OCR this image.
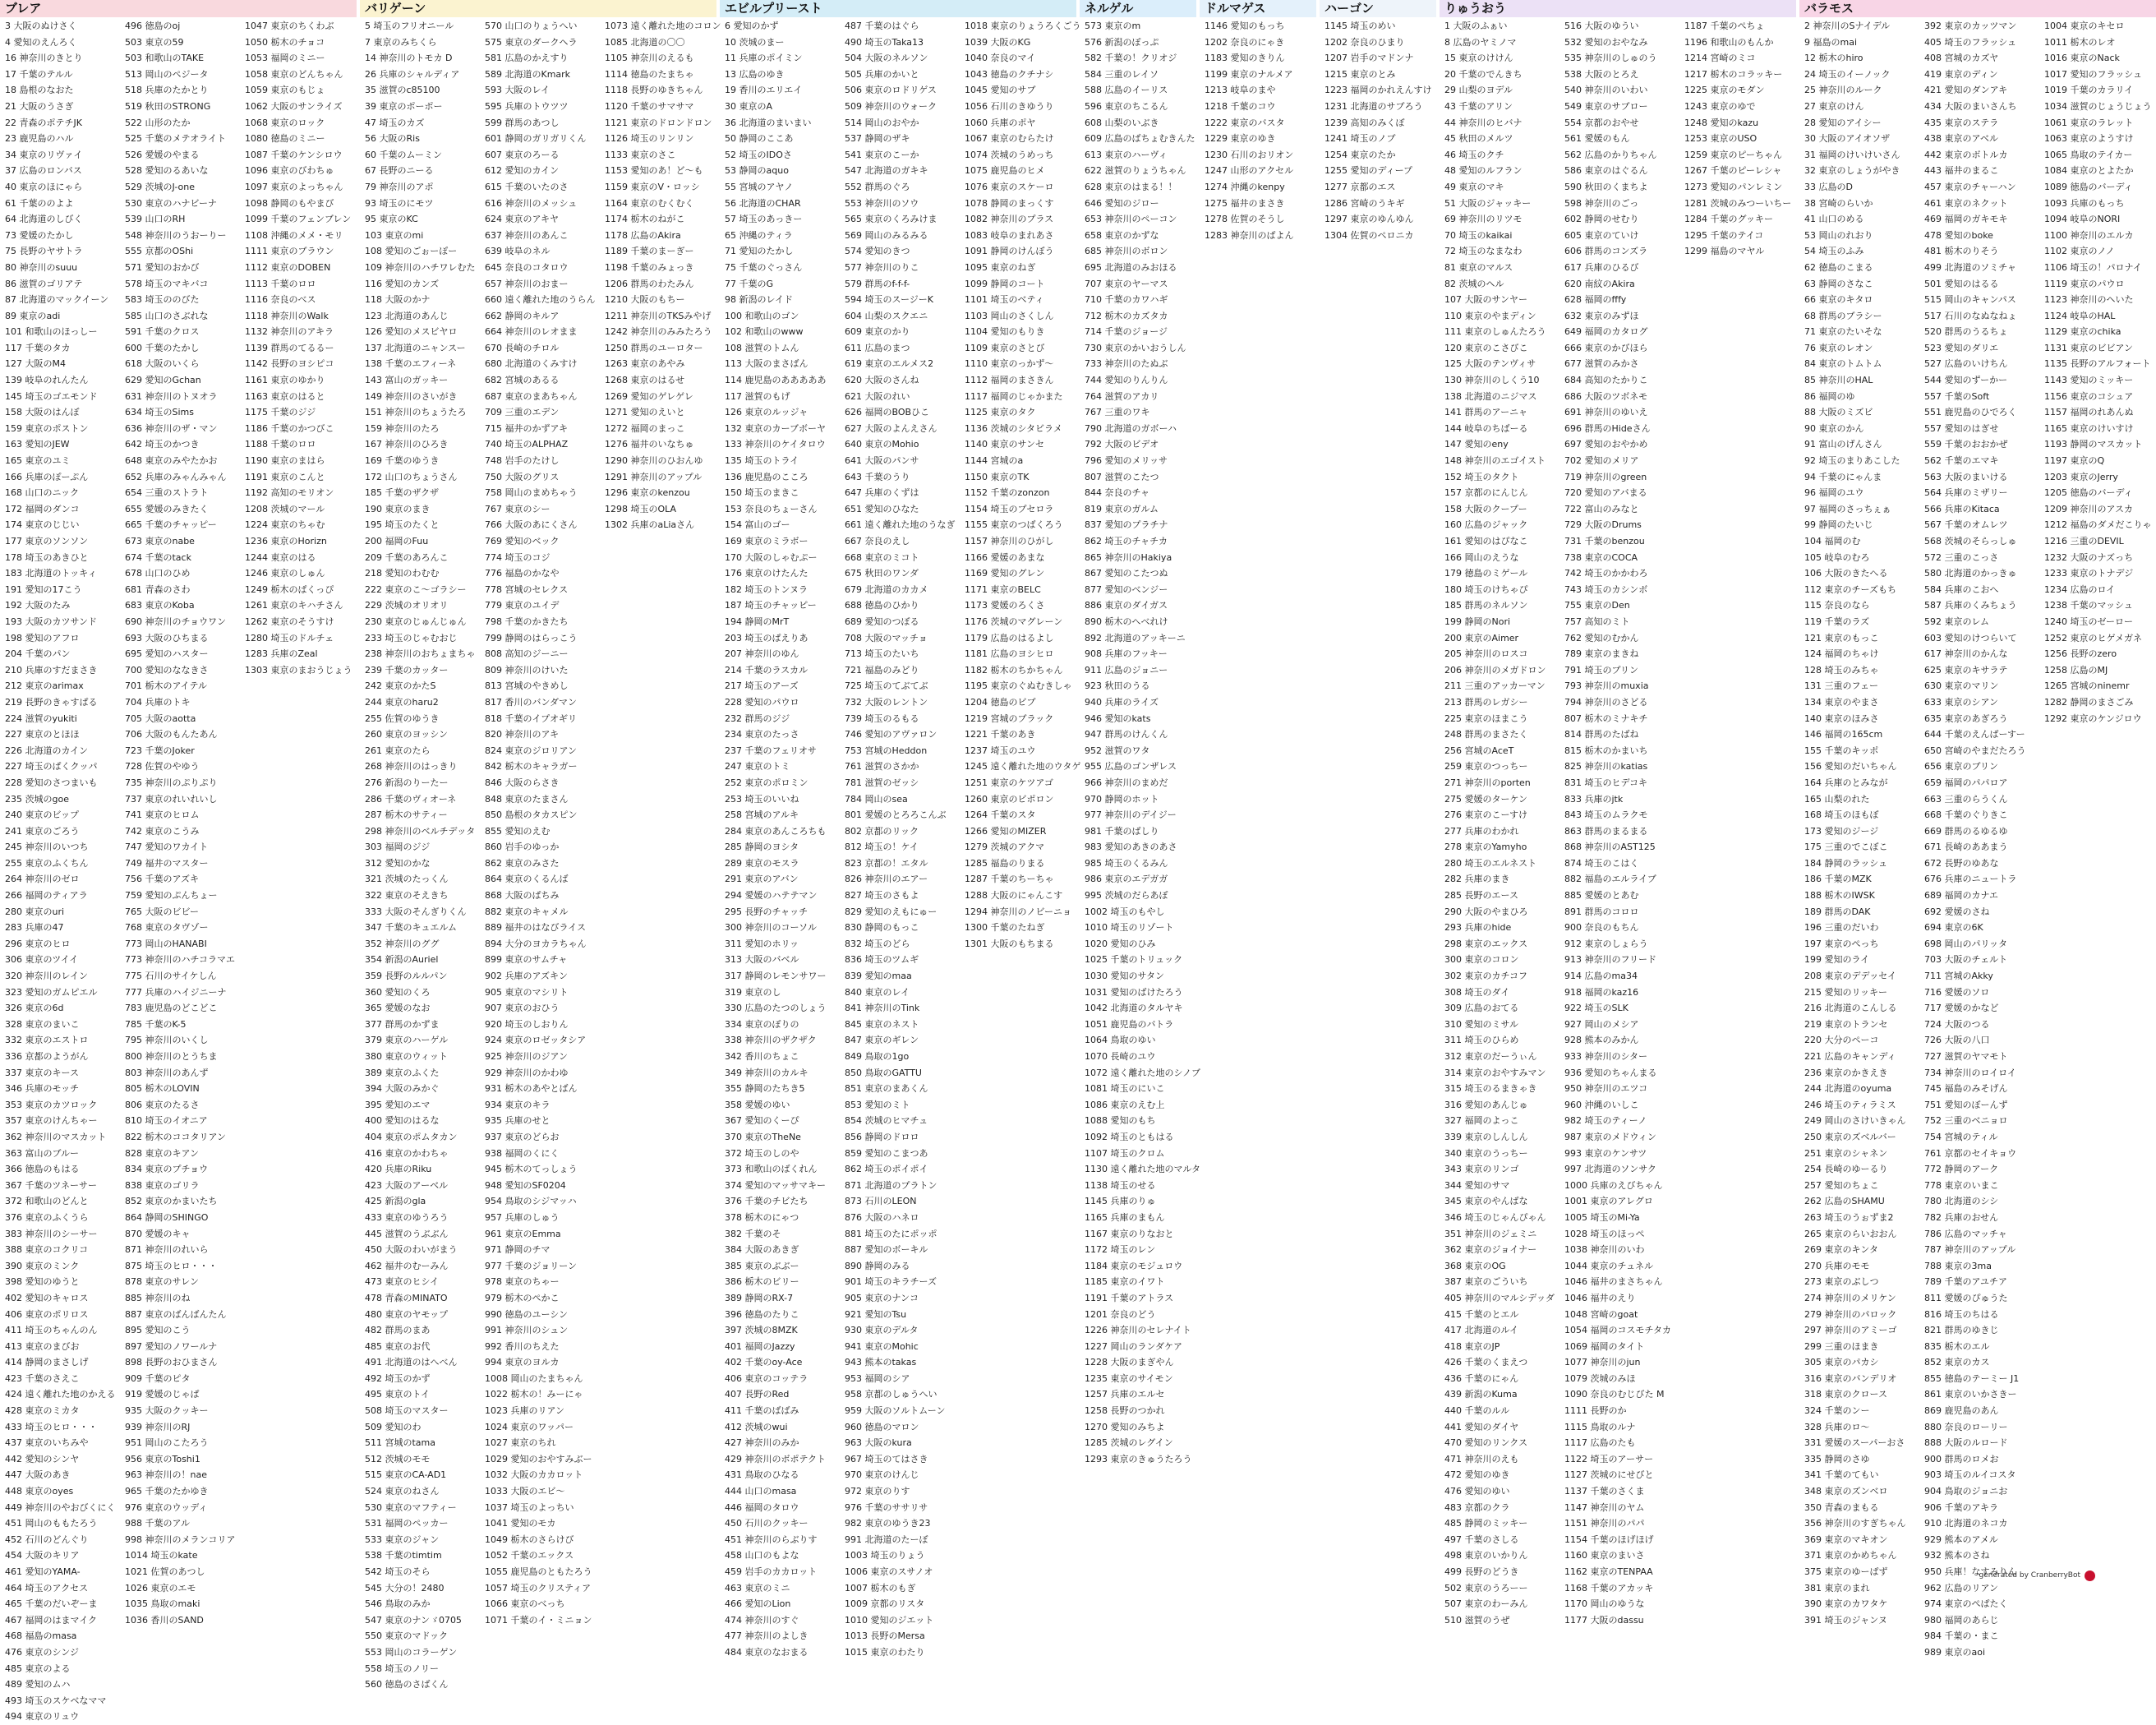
ブレア
3 大阪のぬけさく
4 愛知のえんろく
16 神奈川のきとり
17 千葉のテルル
18 島根のなおた
21 大阪のうさぎ
22 青森のポテチJK
23 鹿児島のハル
34 東京のリヴァイ
37 広島のロンバス
40 東京のほにゃら
61 千葉ののよよ
64 北海道のしびく
73 愛媛のたかし
75 長野のヤサトラ
80 神奈川のsuuu
86 滋賀のゴリアテ
87 北海道のマックイーン
89 東京のadi
101 和歌山のほっしー
117 千葉のタカ
127 大阪のM4
139 岐阜のれんたん
145 埼玉のゴエモンド
158 大阪のはんぼ
159 東京のポストン
163 愛知のJEW
165 東京のユミ
166 兵庫のぽーぷん
168 山口のニック
172 福岡のダンコ
174 東京のじじい
177 東京のソンソン
178 埼玉のあきひと
183 北海道のトッキィ
191 愛知の17こう
192 大阪のたみ
193 大阪のカツサンド
198 愛知のアフロ
204 千葉のパン
210 兵庫のすだまさき
212 東京のarimax
219 長野のきゃすぱる
224 滋賀のyukiti
227 東京のとほほ
226 北海道のカイン
227 埼玉のぱくクッパ
228 愛知のさつまいも
235 茨城のgoe
240 東京のビップ
241 東京のごろう
245 神奈川のいつち
255 東京のふくちん
264 神奈川のゼロ
266 福岡のティアラ
280 東京のuri
283 兵庫の47
296 東京のヒロ
306 東京のツイイ
320 神奈川のレイン
323 愛知のガムピエル
326 東京の6d
328 東京のまいこ
332 東京のエストロ
336 京都のようがん
337 東京のキース
346 兵庫のモッチ
353 東京のカツロック
357 東京のけんちゃー
362 神奈川のマスカット
363 富山のブルー
366 徳島のもはる
367 千葉のツネーサー
372 和歌山のどんと
376 東京のふくうら
383 神奈川のシーサー
388 東京のコクリコ
390 東京のミンク
398 愛知のゆうと
402 愛知のキャロス
406 東京のポリロス
411 埼玉のちゃんのん
413 東京のまびお
414 静岡のまさしげ
423 千葉のさえこ
424 遠く離れた地のかえる
428 東京のミカタ
433 埼玉のヒロ・・・
437 東京のいちみや
442 愛知のシンヤ
447 大阪のあき
448 東京のoyes
449 神奈川のやおびくにく
451 岡山のももたろう
452 石川のどんぐり
454 大阪のキリア
461 愛知のYAMA-
464 埼玉のアクセス
465 千葉のだいぞーま
467 福岡のはまマイク
468 福島のmasa
476 東京のシンジ
485 東京のよる
489 愛知のムハ
493 埼玉のスケベなママ
494 東京のリュウ
496 徳島のoj
503 東京の59
503 和歌山のTAKE
513 岡山のペジータ
518 兵庫のたかとり
519 秋田のSTRONG
522 山形のたか
525 千葉のメテオライト
526 愛媛のやまる
528 愛知のるあいな
529 茨城のJ-one
530 東京のハナビーナ
539 山口のRH
548 神奈川のうおーりー
555 京都のOShi
571 愛知のおかび
578 埼玉のマキバコ
583 埼玉ののびた
585 山口のさぶれな
591 千葉のクロス
600 千葉のたかし
618 大阪のいくら
629 愛知のGchan
631 神奈川のトヌオラ
634 埼玉のSims
636 神奈川のザ・マン
642 埼玉のかつき
648 東京のみやたかお
652 兵庫のみゃんみゃん
654 三重のストラト
655 愛媛のみきたく
665 千葉のチャッピー
673 東京のnabe
674 千葉のtack
678 山口のひめ
681 青森のさわ
683 東京のKoba
690 神奈川のチョウワン
693 大阪のひちまる
695 愛知のハスター
700 愛知のななきさ
701 栃木のアイテル
704 兵庫のトキ
705 大阪のaotta
706 大阪のもんたあん
723 千葉のJoker
728 佐賀のやゆう
735 神奈川のぷりぷり
737 東京のれいれいし
741 東京のヒロム
742 東京のこうみ
747 愛知のワカイト
749 福井のマスター
756 千葉のアズキ
759 愛知のぷんちょー
765 大阪のビビー
768 東京のタヴゾー
773 岡山のHANABI
773 神奈川のハチコラマエ
775 石川のサイケしん
777 兵庫のハイジニーナ
783 鹿児島のどこどこ
785 千葉のK-5
795 神奈川のいくし
800 神奈川のとうちま
803 神奈川のあんず
805 栃木のLOVIN
806 東京のたるさ
810 埼玉のイオニア
822 栃木のココタリアン
828 東京のキアン
834 東京のプチョウ
838 東京のゴリラ
852 東京のかまいたち
864 静岡のSHINGO
870 愛媛のキャ
871 神奈川のれいら
875 埼玉のヒロ・・・
878 東京のサレン
885 神奈川のね
887 東京のばんばんたん
895 愛知のこう
897 愛知のノワールナ
898 長野のおひまさん
909 千葉のピタ
919 愛媛のじゃぱ
935 大阪のクッキー
939 神奈川のRJ
951 岡山のこたろう
956 東京のToshi1
963 神奈川の！nae
965 千葉のたかゆき
976 東京のウッディ
988 千葉のアル
998 神奈川のメランコリア
1014 埼玉のkate
1021 佐賀のあつし
1026 東京のエモ
1035 鳥取のmaki
1036 香川のSAND
1047 東京のちくわぶ
1050 栃木のチョコ
1053 福岡のミニー
1058 東京のどんちゃん
1059 東京のもじょ
1062 大阪のサンライズ
1068 東京のロック
1080 徳島のミニー
1087 千葉のケンシロウ
1096 東京のびわちゅ
1097 東京のよっちゃん
1098 静岡のもやまび
1099 千葉のフェンブレン
1108 沖縄のメメ・モリ
1111 東京のブラウン
1112 東京のDOBEN
1113 千葉のロロ
1116 奈良のべス
1118 神奈川のWalk
1132 神奈川のアキラ
1139 群馬のてるるー
1142 長野のヨシピコ
1161 東京のゆかり
1163 東京のはると
1175 千葉のジジ
1186 千葉のかつびこ
1188 千葉のロロ
1190 東京のまはら
1191 東京のこんと
1192 高知のモリオン
1208 茨城のマール
1224 東京のちゃむ
1236 東京のHorizn
1244 東京のはる
1246 東京のしゅん
1249 栃木のぱくっぴ
1261 東京のキハチさん
1262 東京のそうすけ
1280 埼玉のドルチェ
1283 兵庫のZeal
1303 東京のまおうじょう
バリゲーン
5 埼玉のフリオニール
7 東京のみちくら
14 神奈川のトモカ D
26 兵庫のシャルディア
35 滋賀のc85100
39 東京のポーポー
47 埼玉のカズ
56 大阪のRis
60 千葉のムーミン
67 長野のニーる
79 神奈川のアポ
93 埼玉のにモツ
95 東京のKC
103 東京のmi
108 愛知のごぉーぽー
109 神奈川のハチワレむた
116 愛知のカンズ
118 大阪のかナ
123 北海道のあんじ
126 愛知のメスビヤロ
137 北海道のニャンスー
138 千葉のエフィーネ
143 富山のガッキー
149 神奈川のさいがき
151 神奈川のちょうたろ
159 神奈川のたろ
167 神奈川のひろき
169 千葉のゆうき
172 山口のちょうさん
185 千葉のザクザ
190 東京のまき
195 埼玉のたくと
200 福岡のFuu
209 千葉のあろんこ
218 愛知のわむむ
222 東京のこ～ゴラシー
229 茨城のオリオリ
230 東京のじゅんじゅん
233 埼玉のじゃむおじ
238 神奈川のおちょまちゃ
239 千葉のカッター
242 東京のかたS
244 東京のharu2
255 佐賀のゆうき
260 東京のヨッシン
261 東京のたら
268 神奈川のはっきり
276 新潟のりーたー
286 千葉のヴィオーネ
287 栃木のサティー
298 神奈川のベルチデッタ
303 福岡のジジ
312 愛知のかな
321 茨城のたっくん
322 東京のそえきち
333 大阪のそんぎりくん
347 千葉のキュエルム
352 神奈川のググ
354 新潟のAuriel
359 長野のルルパン
360 愛知のくろ
365 愛媛のなお
377 群馬のかずま
379 東京のハーゲル
380 東京のウィット
389 東京のふくた
394 大阪のみかぐ
395 愛知のエマ
400 愛知のはるな
404 東京のポムタカン
416 東京のかわちゃ
420 兵庫のRiku
423 大阪のアーベル
425 新潟のgla
433 東京のゆうろう
445 滋賀のうぶぶん
450 大阪のわいがまう
462 福井のむーみん
473 東京のヒシイ
478 青森のMINATO
480 東京のヤモップ
482 群馬のまあ
485 東京のお代
491 北海道のはへべん
492 埼玉のかず
495 東京のトイ
508 埼玉のマスター
509 愛知のわ
511 宮城のtama
512 茨城のモモ
515 東京のCA-AD1
524 東京のねさん
530 東京のマフティー
531 福岡のペッカー
533 東京のジャン
538 千葉のtimtim
542 埼玉のそら
545 大分の！2480
546 鳥取のみか
547 東京のナンゞ0705
550 東京のマドック
553 岡山のコラーゲン
558 埼玉のノリー
560 徳島のさばくん
570 山口のりょうへい
575 東京のダークヘラ
581 広島のかえすり
589 北海道のKmark
593 大阪のレイ
595 兵庫のトウツツ
599 群馬のあつし
601 静岡のガリガリくん
607 東京のろーる
612 愛知のカイン
615 千葉のいたのさ
616 神奈川のメッシュ
624 東京のアキヤ
637 神奈川のあんこ
639 岐阜のネル
645 奈良のコタロウ
657 神奈川のおまー
660 遠く離れた地のうらん
662 静岡のキルア
664 神奈川のレオまま
670 長崎のチロル
680 北海道のくみすけ
682 宮城のあるる
687 東京のまあちゃん
709 三重のエデン
715 福井のかずアキ
740 埼玉のALPHAZ
748 岩手のたけし
750 大阪のグリス
758 岡山のまめちゃう
767 東京のシー
766 大阪のあにくさん
769 愛知のベック
774 埼玉のコジ
776 福島のかなや
778 宮城のセレクス
779 東京のユイデ
798 千葉のかきたち
799 静岡のはらっこう
808 高知のジーニー
809 神奈川のけいた
813 宮城のやきめし
817 香川のバンダマン
818 千葉のイプオギリ
820 神奈川のアキ
824 東京のジロリアン
842 栃木のキャラガー
846 大阪のらさき
848 東京のたまさん
850 島根のタカスピン
855 愛知のえむ
860 岩手のゆっか
862 東京のみさた
864 東京のくるんば
868 大阪のぱちみ
882 東京のキャメル
889 福井のはなびライス
894 大分のヨカラちゃん
899 東京のサムチャ
902 兵庫のアズキン
905 東京のマシリト
907 東京のおひう
920 埼玉のしおりん
924 東京のロゼッタシア
925 神奈川のジアン
929 神奈川のかわゆ
931 栃木のあやとばん
934 東京のキラ
935 兵庫のせと
937 東京のどらお
938 福岡のくにく
945 栃木のてっしょう
948 愛知のSF0204
954 鳥取のシジマッハ
957 兵庫のしゅう
961 東京のEmma
971 静岡のチマ
977 千葉のジョリーン
978 東京のちゃー
979 栃木のぺかこ
990 徳島のユーシン
991 神奈川のシュン
992 香川のちえた
994 東京のヨルカ
1008 岡山のたまちゃん
1022 栃木の！みーにゃ
1023 兵庫のリアン
1024 東京のワッパー
1027 東京のちれ
1029 愛知のおやすみぶー
1032 大阪のカカロット
1033 大阪のエビ～
1037 埼玉のよっちい
1041 愛知のモカ
1049 栃木のさらけび
1052 千葉のエックス
1055 鹿児島のともたろう
1057 埼玉のクリスティア
1066 東京のべっち
1071 千葉のイ・ミニョン
1073 遠く離れた地のコロン
1085 北海道の〇〇
1105 神奈川のえるも
1114 徳島のたまちゃ
1118 長野のゆきちゃん
1120 千葉のサマサマ
1121 東京のドロンドロン
1126 埼玉のリンリン
1133 東京のさこ
1153 愛知のあ！ど～も
1159 東京のV・ロッシ
1164 東京のむくむく
1174 栃木のねがこ
1178 広島のAkira
1189 千葉のまーぎー
1198 千葉のみょっき
1206 群馬のわたみん
1210 大阪のもちー
1211 神奈川のTKSみやげ
1242 神奈川のみみたろう
1250 群馬のユーロター
1263 東京のあやみ
1268 東京のはるせ
1269 愛知のゲレゲレ
1271 愛知のえいと
1272 福岡のまっこ
1276 福井のいなちゅ
1290 神奈川のひおんゆ
1291 神奈川のアップル
1296 東京のkenzou
1298 埼玉のOLA
1302 兵庫のaLiaさん
エビルプリースト
6 愛知のかず
10 茨城のまー
11 兵庫のポイミン
13 広島のゆき
19 香川のエリエイ
30 東京のA
36 北海道のまいまい
50 静岡のここあ
52 埼玉のIDOさ
53 静岡のaquo
55 宮城のアヤノ
56 北海道のCHAR
57 埼玉のあっきー
65 沖縄のティラ
71 愛知のたかし
75 千葉のぐっさん
77 千葉のG
98 新潟のレイド
100 和歌山のゴン
102 和歌山のwww
108 滋賀のトムん
113 大阪のまさばん
114 鹿児島のあああああ
117 滋賀のもげ
126 東京のルッジャ
132 東京のカーブボーヤ
133 神奈川のケイタロウ
135 埼玉のトライ
136 鹿児島のこころ
150 埼玉のまきこ
153 奈良のちょーさん
154 富山のゴー
169 東京のミラボー
170 大阪のしゃむぷー
176 東京のけたんた
182 埼玉のトンヌラ
187 埼玉のチャッピー
194 静岡のMrT
203 埼玉のぱえりあ
207 神奈川のゆん
214 千葉のラスカル
217 埼玉のアーズ
228 愛知のパウロ
232 群馬のジジ
234 東京のたっさ
237 千葉のフェリオサ
247 東京のトミ
252 東京のポロミン
253 埼玉のいいね
258 宮城のアルキ
284 東京のあんころちも
285 静岡のヨシタ
289 東京のモスラ
291 東京のアバン
294 愛媛のハテテマン
295 長野のチャッチ
300 神奈川のコーソル
311 愛知のホリッ
313 大阪のバベル
317 静岡のレモンサワー
319 東京のし
330 広島のたつのしょう
334 東京のぼりの
338 神奈川のザクザク
342 香川のちょこ
349 神奈川のカルキ
355 静岡のたちき5
358 愛媛のゆい
367 愛知のくーぴ
370 東京のTheNe
372 埼玉のしのや
373 和歌山のばくれん
374 愛知のマッサマキー
376 千葉のチビたち
378 栃木のにゃつ
382 千葉のそ
384 大阪のあきぎ
385 東京のぶぶー
386 栃木のビリー
389 静岡のRX-7
396 徳島のたりこ
397 茨城の8MZK
401 福岡のJazzy
402 千葉のoy-Ace
406 東京のコッテラ
407 長野のRed
411 千葉のばばみ
412 茨城のwui
427 神奈川のみか
429 神奈川のボポテクト
431 鳥取のひなる
444 山口のmasa
446 福岡のタロウ
450 石川のクッキー
451 神奈川のらぶりす
458 山口のもよな
459 岩手のカカロット
463 東京のミニ
466 愛知のLion
474 神奈川のすぐ
477 神奈川のよしき
484 東京のなおまる
487 千葉のはぐら
490 埼玉のTaka13
504 大阪のネルソン
505 兵庫のかいと
506 東京のロドリゲス
509 神奈川のウォーク
514 岡山のおやか
537 静岡のザキ
541 東京のこーか
547 北海道のガキキ
552 群馬のぐろ
553 神奈川のソウ
565 東京のくろみけま
569 岡山のみるみる
574 愛知のきつ
577 神奈川のりこ
579 群馬のf-f-f-
594 埼玉のスージーK
604 山梨のスクエニ
609 東京のかり
611 広島のまつ
619 東京のエルメス2
620 大阪のさんね
621 大阪のれい
626 福岡のBOBひこ
627 大阪のよんえさん
640 東京のMohio
641 大阪のパンサ
643 千葉のうり
647 兵庫のくずは
651 愛知のひなた
661 遠く離れた地のうなぎ
667 奈良のえし
668 東京のミコト
675 秋田のワンダ
679 北海道のカカメ
688 徳島のひかり
689 愛知のつぼる
708 大阪のマッチョ
713 埼玉のたいち
721 福島のみどり
725 埼玉のてぶてぶ
732 大阪のレントン
739 埼玉のるもる
746 愛知のアヴァロン
753 宮城のHeddon
761 滋賀のさかか
781 滋賀のゼッシ
784 岡山のsea
801 愛媛のとろろこんぶ
802 京都のリック
812 埼玉の！ケイ
823 京都の！エタル
826 神奈川のエアー
827 埼玉のさもよ
829 愛知のえもにゅー
830 静岡のもっこ
832 埼玉のどら
836 埼玉のツムギ
839 愛知のmaa
840 東京のレイ
841 神奈川のTink
845 東京のネスト
847 東京のギレン
849 鳥取の1go
850 鳥取のGATTU
851 東京のまあくん
853 愛知のミト
854 茨城のヒマチュ
856 静岡のドロロ
859 愛知のこまつあ
862 埼玉のポイポイ
871 北海道のプラトン
873 石川のLEON
876 大阪のハネロ
881 埼玉のたにポッポ
887 愛知のボーキル
890 静岡のみる
901 埼玉のキラチーズ
905 東京のナンコ
921 愛知のTsu
930 東京のデルタ
941 東京のMohic
943 熊本のtakas
953 福岡のシア
958 京都のしゅうへい
959 大阪のソルトムーン
960 徳島のマロン
963 大阪のkura
967 埼玉のてはさき
970 東京のけんじ
972 東京のりす
976 千葉のササリサ
982 東京のゆうき23
991 北海道のたーぼ
1003 埼玉のりょう
1006 東京のスサノオ
1007 栃木のもぎ
1009 京都のリスタ
1010 愛知のジエット
1013 長野のMersa
1015 東京のわたり
1018 東京のりょうろくごう
1039 大阪のKG
1040 奈良のマイ
1043 徳島のクチナシ
1045 愛知のサブ
1056 石川のきゆうり
1060 兵庫のポヤ
1067 東京のむらたけ
1074 茨城のうめっち
1075 鹿児島のヒメ
1076 東京のスケーロ
1078 静岡のまっくす
1082 神奈川のプラス
1083 岐阜のまれあさ
1091 静岡のけんぼう
1095 東京のねぎ
1099 静岡のコート
1101 埼玉のベティ
1103 岡山のさくしん
1104 愛知のもりき
1109 東京のさとび
1110 東京のっかず～
1112 福岡のまさきん
1117 福岡のじゃかまた
1125 東京のタク
1136 茨城のシタビラメ
1140 東京のサンセ
1144 宮城のa
1150 東京のTK
1152 千葉のzonzon
1154 埼玉のプセロラ
1155 東京のつばくろう
1157 神奈川のひがし
1166 愛媛のあまな
1169 愛知のグレン
1171 東京のBELC
1173 愛媛のろくさ
1176 茨城のマグレーン
1179 広島のはるよし
1181 広島のヨシヒロ
1182 栃木のちかちゃん
1195 東京のぐぬむきしゃ
1204 徳島のビプ
1219 宮城のブラック
1221 千葉のあき
1237 埼玉のユウ
1245 遠く離れた地のウタゲ
1251 東京のケツアゴ
1260 東京のビポロン
1264 千葉のスタ
1266 愛知のMIZER
1279 茨城のアクマ
1285 福島のりまる
1287 千葉のちーちゃ
1288 大阪のにゃんこす
1294 神奈川のノビーニョ
1300 千葉のたねぎ
1301 大阪のもちまる
ネルゲル
573 東京のm
576 新潟のぽっぷ
582 千葉の！クリオジ
584 三重のレイソ
588 広島のイーリス
596 東京のちこるん
608 山梨のいぶき
609 広島のばちょむきんた
613 東京のハーヴィ
622 滋賀のりょうちゃん
628 東京のはまる！！
646 愛知のジロー
653 神奈川のペーコン
658 東京のかずな
685 神奈川のボロン
695 北海道のみおほる
707 東京のヤーマス
710 千葉のカワハギ
712 栃木のカズタカ
714 千葉のジョージ
730 東京のかいおうしん
733 神奈川のたぬぶ
744 愛知のりんりん
764 滋賀のアカリ
767 三重のワキ
790 北海道のガボーハ
792 大阪のビデオ
796 愛知のメリッサ
807 滋賀のこたつ
844 奈良のチャ
819 東京のガルム
837 愛知のプラチナ
862 埼玉のチャチカ
865 神奈川のHakiya
867 愛知のこたつぬ
877 愛知のべンジー
886 東京のダイガス
890 栃木のへべれけ
892 北海道のアッキーニ
908 兵庫のフッキー
911 広島のジョニー
923 秋田のうる
940 兵庫のライズ
946 愛知のkats
947 群馬のけんくん
952 滋賀のワタ
955 広島のゴンザレス
966 神奈川のまめだ
970 静岡のホット
977 神奈川のデイジー
981 千葉のばしり
983 愛知のあきのあさ
985 埼玉のくるみん
986 東京のエデガガ
995 茨城のだらあぼ
1002 埼玉のもやし
1010 埼玉のリゾート
1020 愛知のひみ
1025 千葉のトリュック
1030 愛知のサタン
1031 愛知のばけたろう
1042 北海道のタルヤキ
1051 鹿児島のバトラ
1064 鳥取のゆい
1070 長崎のユウ
1072 遠く離れた地のシノブ
1081 埼玉のにいこ
1086 東京のえむ上
1088 愛知のもち
1092 埼玉のともはる
1107 埼玉のクロム
1130 遠く離れた地のマルタ
1138 埼玉のせる
1145 兵庫のりゅ
1165 兵庫のまもん
1167 東京のりなおと
1172 埼玉のレン
1184 東京のモジュロウ
1185 東京のイワト
1191 千葉のアトラス
1201 奈良のどう
1226 神奈川のセレナイト
1227 岡山のランダケア
1228 大阪のまぎやん
1235 東京のサイモン
1257 兵庫のエルセ
1258 長野のつかれ
1270 愛知のみちよ
1285 茨城のレグイン
1293 東京のきゅうたろう
1146 愛知のもっち
1202 奈良のにゃき
1183 愛知のきりん
1199 東京のナルメア
1213 岐阜のまや
1218 千葉のコウ
1222 東京のバスタ
1229 東京のゆき
1230 石川のおリオン
1247 山形のアクセル
1274 沖縄のkenpy
1275 福井のまさき
1278 佐賀のそうし
1283 神奈川のぱよん
ドルマゲス	ハーゴン
1145 埼玉のめい
1202 奈良のひまり
1207 岩手のマドンナ
1215 東京のとみ
1223 福岡のかれえんすけ
1231 北海道のサブろう
1239 高知のみくぼ
1241 埼玉のノブ
1254 東京のたか
1255 愛知のディープ
1277 京都のエス
1286 宮崎のうキギ
1297 東京のゆんゆん
1304 佐賀のペロニカ
りゅうおう
1 大阪のふぁい
8 広島のヤミノマ
15 東京のけけん
20 千葉のでんきち
29 山梨のヨデル
43 千葉のアリン
44 神奈川のヒバナ
45 秋田のメルツ
46 埼玉のクチ
48 愛知のルフラン
49 東京のマキ
51 大阪のジャッキー
69 神奈川のリツモ
70 埼玉のkaikai
72 埼玉のなまなわ
81 東京のマルス
82 茨城のヘル
107 大阪のサンヤー
110 東京のやまディン
111 東京のしゅんたろう
120 東京のこさびこ
125 大阪のテンヴィサ
130 神奈川のしくう10
138 北海道のニジマス
141 群馬のアーニャ
144 岐阜のちばーる
147 愛知のeny
148 神奈川のエゴイスト
152 埼玉のタクト
157 京都のにんじん
158 大阪のクープー
160 広島のジャック
161 愛知のはぴなこ
166 岡山のえうな
179 徳島のミゲール
180 埼玉のけちゃぴ
185 群馬のネルソン
199 静岡のNori
200 東京のAimer
205 神奈川のロスコ
206 神奈川のメガドロン
211 三重のアッカーマン
213 群馬のレガシー
225 東京のほまこう
248 群馬のまさたく
256 宮城のAceT
259 東京のつっちー
271 神奈川のporten
275 愛媛のターケン
276 東京のこーすけ
277 兵庫のわかれ
278 東京のYamyho
280 埼玉のエルネスト
282 兵庫のまき
285 長野のエース
290 大阪のやまひろ
293 兵庫のhide
298 東京のエックス
300 東京のコロン
302 東京のカチコフ
308 埼玉のダイ
309 広島のおてる
310 愛知のミサル
311 埼玉のひらめ
312 東京のだーうぃん
314 東京のおやすみマン
315 埼玉のるまきゃき
316 愛知のあんじゅ
327 福岡のよっこ
339 東京のしんしん
340 東京のうっちー
343 東京のリンゴ
344 愛知のサマ
345 東京のやんばな
346 埼玉のじゃんぴゃん
351 神奈川のジェミニ
362 東京のジョイナー
368 東京のOG
387 東京のごういち
405 神奈川のマルシデッダ
415 千葉のとエル
417 北海道のルイ
418 東京のJP
426 千葉のくまえつ
436 千葉のにゃん
439 新潟のKuma
440 千葉のルル
441 愛知のダイヤ
470 愛知のリンクス
471 神奈川のえも
472 愛知のゆき
476 愛知のゆい
483 京都のクラ
485 静岡のミッキー
497 千葉のさしる
498 東京のいかりん
499 長野のどうき
502 東京のうろーー
507 東京のわーみん
510 滋賀のうぜ
516 大阪のゆうい
532 愛知のおやなみ
535 神奈川のしゅのう
538 大阪のとろえ
540 神奈川のいわい
549 東京のサブロー
554 京都のおやせ
561 愛媛のもん
562 広島のかりちゃん
586 東京のはぐるん
590 秋田のくまちよ
598 神奈川のごっ
602 静岡のせむり
605 東京のていけ
606 群馬のコンズラ
617 兵庫のひるび
620 南紋のAkira
628 福岡のfffy
632 東京のみずほ
649 福岡のカタログ
666 東京のかびほら
677 滋賀のみかさ
684 高知のたかりこ
686 大阪のツボネモ
691 神奈川のゆいえ
696 群馬のHideさん
697 愛知のおやかめ
702 愛知のメリア
719 神奈川のgreen
720 愛知のアバまる
722 富山のみなと
729 大阪のDrums
731 千葉のbenzou
738 東京のCOCA
742 埼玉のかかわろ
743 埼玉のカシンボ
755 東京のDen
757 高知のミト
762 愛知のむかん
789 東京のまきね
791 埼玉のプリン
793 神奈川のmuxia
794 神奈川のさどる
807 栃木のミナキチ
814 群馬のたばね
815 栃木のかまいち
825 神奈川のkatias
831 埼玉のヒデコキ
833 兵庫のjtk
843 埼玉のムラクモ
863 群馬のまるまる
868 神奈川のAST125
874 埼玉のこはく
882 福島のエルライブ
885 愛媛のとあむ
891 群馬のコロロ
900 奈良のもちん
912 東京のしょらう
913 神奈川のフリード
914 広島のma34
918 福岡のkaz16
922 埼玉のSLK
927 岡山のメシア
928 熊本のみかん
933 神奈川のシター
936 愛知のちゃんまる
950 神奈川のエツコ
960 沖縄のいしこ
982 埼玉のティーノ
987 東京のメドウィン
993 東京のケンサツ
997 北海道のソンサク
1000 兵庫のえびちゃん
1001 東京のアレグロ
1005 埼玉のMi-Ya
1028 埼玉のほっぺ
1038 神奈川のいわ
1044 東京のチュネル
1046 福井のまさちゃん
1046 福井のえり
1048 宮崎のgoat
1054 福岡のコスモチタカ
1069 福岡のタイト
1077 神奈川のjun
1079 茨城のみほ
1090 奈良のむじびた M
1111 長野のか
1115 鳥取のルナ
1117 広島のたも
1122 埼玉のアーサー
1127 茨城のにせびと
1137 千葉のさくま
1147 神奈川のヤム
1151 神奈川のパパ
1154 千葉のほげほげ
1160 東京のまいさ
1162 東京のTENPAA
1168 千葉のアカッキ
1170 岡山のゆうな
1177 大阪のdassu
1187 千葉のぺちょ
1196 和歌山のもんか
1214 宮崎のミコ
1217 栃木のコラッキー
1225 東京のモダン
1243 東京のゆで
1248 愛知のkazu
1253 東京のUSO
1259 東京のピーちゃん
1267 千葉のピーレシャ
1273 愛知のパンレミン
1281 茨城のみつーいちー
1284 千葉のグッキー
1295 千葉のテイコ
1299 福島のマヤル
バラモス
2 神奈川のSナイデル
9 福島のmai
12 栃木のhiro
24 埼玉のイーノック
25 神奈川のルーク
27 東京のけん
28 愛知のアイシー
30 大阪のアイオソザ
31 福岡のけいけいさん
32 東京のしょうがやき
33 広島のD
38 宮崎のらいか
41 山口のめる
53 岡山のれおり
54 埼玉のふみ
62 徳島のこまる
63 静岡のさなこ
66 東京のキタロ
68 群馬のブラシー
71 東京のたいそな
76 東京のレオン
84 東京のトムトム
85 神奈川のHAL
86 福岡のゆ
88 大阪のミズビ
90 東京のかん
91 富山のげんさん
92 埼玉のまりあこした
94 千葉のにゃんま
96 福岡のユウ
97 福岡のさっちぇぁ
99 静岡のたいじ
104 福岡のむ
105 岐阜のむろ
106 大阪のきたへる
112 東京のチーズもち
115 奈良のなら
119 千葉のラズ
121 東京のもっこ
124 福岡のちゃけ
128 埼玉のみちゃ
131 三重のフェー
134 東京のやまさ
140 東京のほみさ
146 福岡の165cm
155 千葉のキッポ
156 愛知のだいちゃん
164 兵庫のとみなが
165 山梨のれた
168 埼玉のほもぼ
173 愛知のジージ
175 三重のでこぼこ
184 静岡のラッシュ
186 千葉のMZK
188 栃木のIWSK
189 群馬のDAK
196 三重のだいわ
197 東京のぺっち
199 愛知のライ
208 東京のデデッセイ
215 愛知のリッキー
216 北海道のこんしる
219 東京のトランセ
220 大分のペーコ
221 広島のキャンディ
236 東京のかきえき
244 北海道のoyuma
246 埼玉のティラミス
249 岡山のさけいきゃん
250 東京のズベルバー
251 東京のシャネン
254 長崎のゆーるり
257 愛知のちょこ
262 広島のSHAMU
263 埼玉のうぉずま2
265 東京のらいおおん
269 東京のキンタ
270 兵庫のモモ
273 東京のぶしつ
274 神奈川のメリケン
279 神奈川のパロック
297 神奈川のアミーゴ
299 三重のほまき
305 東京のパカシ
316 東京のバンデリオ
318 東京のクロース
324 千葉のンー
328 兵庫のロ～
331 愛媛のスーパーおさ
335 静岡のさゆ
341 千葉のてもい
348 東京のズンベロ
350 青森のまもる
356 神奈川のすぎちゃん
369 東京のマキオン
371 東京のかめちゃん
375 東京のゆーぱず
381 東京のまれ
390 東京のカワタケ
391 埼玉のジャンヌ
392 東京のカッツマン
405 埼玉のフラッシュ
408 宮城のカズヤ
419 東京のディン
421 愛知のダンアキ
434 大阪のまいさんち
435 東京のステラ
438 東京のアベル
442 東京のボトルカ
443 福井のまるこ
457 東京のチャーハン
461 東京のネクット
469 福岡のガキモキ
478 愛知のboke
481 栃木のりそう
499 北海道のソミチャ
501 愛知のはるる
515 岡山のキャンパス
517 石川のなぬなねょ
520 群馬のうるちょ
523 愛知のダリエ
527 広島のいけちん
544 愛知のずーかー
557 千葉のSoft
551 鹿児島のひでろく
557 愛知のはぎせ
559 千葉のおおかぜ
562 千葉のエマキ
563 大阪のまいける
564 兵庫のミザリー
566 兵庫のKitaca
567 千葉のオムレツ
568 茨城のそらっしゅ
572 三重のこっさ
580 北海道のかっきゅ
584 兵庫のこおへ
587 兵庫のくみちょう
592 東京のレム
603 愛知のけつらいて
617 神奈川のかんな
625 東京のキサラテ
630 東京のマリン
633 東京のシアン
635 東京のあぎろう
644 千葉のえんぱーすー
650 宮崎のやまだたろう
656 東京のブリン
659 福岡のパパロア
663 三重のらうくん
668 千葉のぐりきこ
669 群馬のるゆるゆ
671 長崎のああまう
672 長野のゆあな
676 兵庫のニュートラ
689 福岡のカナエ
692 愛媛のさね
694 東京の6K
698 岡山のパリッタ
703 大阪のチェルト
711 宮城のAkky
716 愛媛のソロ
717 愛媛のかなど
724 大阪のつる
726 大阪の八口
727 滋賀のヤマモト
734 神奈川のロイロイ
745 福島のみそげん
751 愛知のぼーんず
752 三重のベニョロ
754 宮城のティル
761 京都のセイキョウ
772 静岡のアーク
778 東京のいまこ
780 北海道のシシ
782 兵庫のおせん
786 広島のマッチャ
787 神奈川のアップル
788 東京の3ma
789 千葉のアユチア
811 愛媛のぴゅうた
816 埼玉のちはる
821 群馬のゆきじ
835 栃木のエル
852 東京のカス
855 徳島のテーミー J1
861 東京のいかさきー
869 鹿児島のあん
880 奈良のローリー
888 大阪のルロード
900 群馬のロメお
903 埼玉のルイコスタ
904 鳥取のジョニお
906 千葉のアキラ
910 北海道のネコカ
929 熊本のアメル
932 熊本のさね
950 兵庫！なすみりん
962 広島のリアン
974 東京のぺぱたく
980 福岡のあらじ
984 千葉の・まこ
989 東京のaoi
1004 東京のキセロ
1011 栃木のレオ
1016 東京のNack
1017 愛知のフラッシュ
1019 千葉のカラリイ
1034 滋賀のじょうじょう
1061 東京のラレット
1063 東京のようすけ
1065 鳥取のテイカー
1084 東京のとよたか
1089 徳島のバーディ
1093 兵庫のもっち
1094 岐阜のNORI
1100 神奈川のエルカ
1102 東京のノノ
1106 埼玉の！パロナイ
1119 東京のパウロ
1123 神奈川のヘいた
1124 岐阜のHAL
1129 東京のchika
1131 東京のビビアン
1135 長野のアルフォート
1143 愛知のミッキー
1156 東京のコシュア
1157 福岡のれあんぬ
1165 東京のけいすけ
1193 静岡のマスカット
1197 東京のQ
1203 東京のJerry
1205 徳島のバーディ
1209 神奈川のアスカ
1212 福島のダメだこりゃ
1216 三重のDEVIL
1232 大阪のナズっち
1233 東京のトナデジ
1234 広島のロイ
1238 千葉のマッシュ
1240 埼玉のゼーロー
1252 東京のヒゲメガネ
1256 長野のzero
1258 広島のMJ
1265 宮城のninemr
1282 静岡のまさごみ
1292 東京のケンジロウ
generated by CranberryBot
